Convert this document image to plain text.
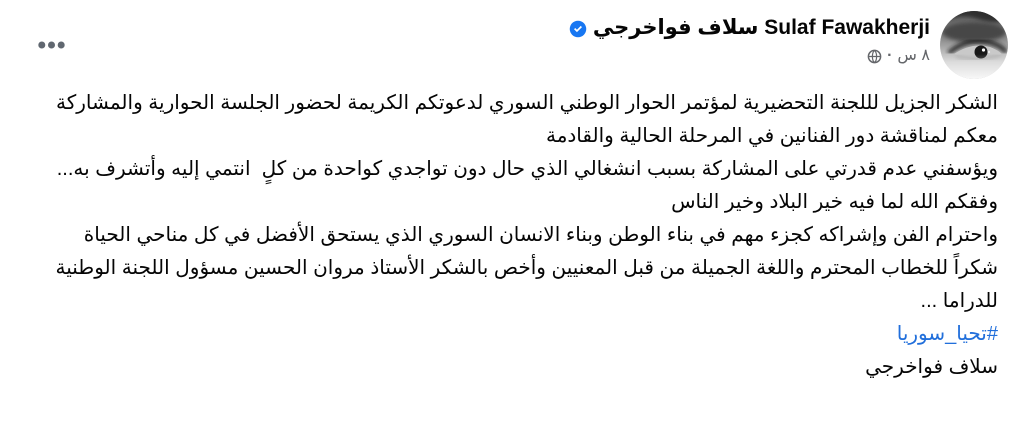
Sulaf Fawakherji سلاف فواخرجي
٨ س
·
الشكر الجزيل لللجنة التحضيرية لمؤتمر الحوار الوطني السوري لدعوتكم الكريمة لحضور الجلسة الحوارية والمشاركة معكم لمناقشة دور الفنانين في المرحلة الحالية والقادمة
ويؤسفني عدم قدرتي على المشاركة بسبب انشغالي الذي حال دون تواجدي كواحدة من كلٍ  انتمي إليه وأتشرف به...
وفقكم الله لما فيه خير البلاد وخير الناس
واحترام الفن وإشراكه كجزء مهم في بناء الوطن وبناء الانسان السوري الذي يستحق الأفضل في كل مناحي الحياة
شكراً للخطاب المحترم واللغة الجميلة من قبل المعنيين وأخص بالشكر الأستاذ مروان الحسين مسؤول اللجنة الوطنية للدراما ...
#تحيا_سوريا
سلاف فواخرجي
